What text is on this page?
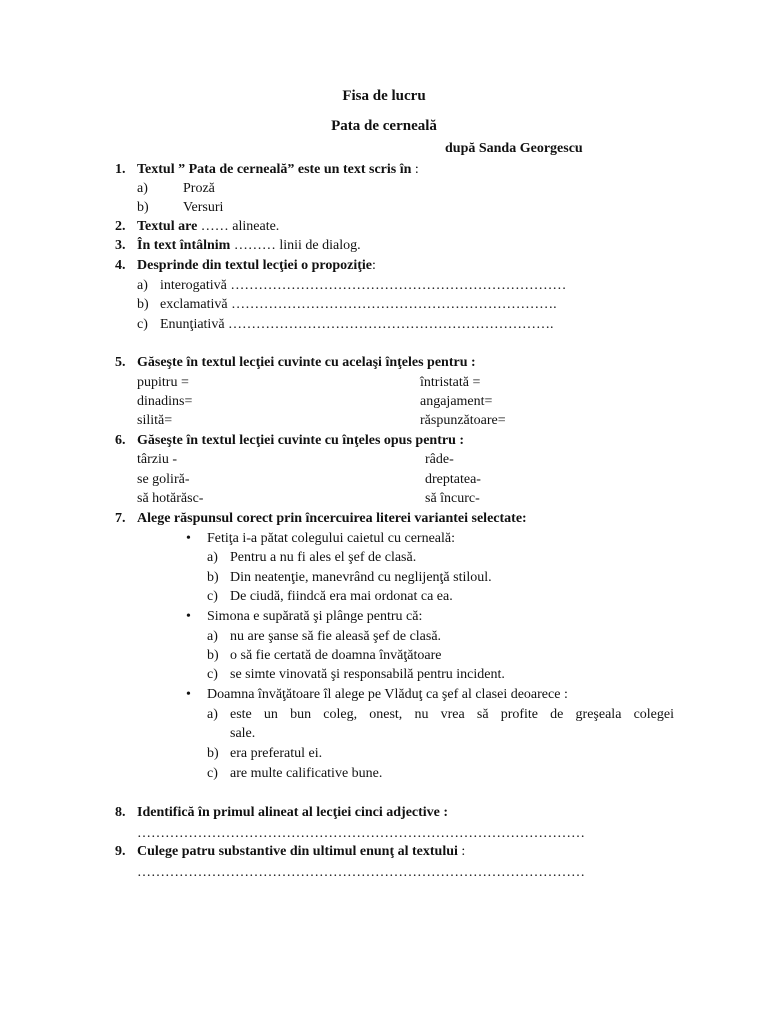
Fisa de lucru
Pata de cerneală
după Sanda Georgescu
1. Textul ” Pata de cerneală” este un text scris în :
a)	Proză
b) Versuri
2. Textul are …… alineate.
3. În text întâlnim ……… linii de dialog.
4. Desprinde din textul lecţiei o propoziţie:
a) interogativă ………………………………………………………………
b) exclamativă …………………………………………………………….
c) Enunţiativă …………………………………………………………….
5. Găseşte în textul lecţiei cuvinte cu acelaşi înţeles pentru :
pupitru =	întristată =
dinadins=	angajament=
silită=	răspunzătoare=
6. Găseşte în textul lecţiei cuvinte cu înţeles opus pentru :
târziu -	râde-
se goliră-	dreptatea-
să hotărăsc-	să încurc-
7. Alege răspunsul corect prin încercuirea literei variantei selectate:
• Fetiţa i-a pătat colegului caietul cu cerneală:
a) Pentru a nu fi ales el şef de clasă.
b) Din neatenţie, manevrând cu neglijenţă stiloul.
c) De ciudă, fiindcă era mai ordonat ca ea.
• Simona e supărată şi plânge pentru că:
a) nu are şanse să fie aleasă şef de clasă.
b) o să fie certată de doamna învăţătoare
c) se simte vinovată şi responsabilă pentru incident.
• Doamna învăţătoare îl alege pe Vlăduţ ca şef al clasei deoarece :
a) este un bun coleg, onest, nu vrea să profite de greşeala colegei
sale.
b) era preferatul ei.
c) are multe calificative bune.
8. Identifică în primul alineat al lecţiei cinci adjective :
……………………………………………………………………………………
9. Culege patru substantive din ultimul enunţ al textului :
……………………………………………………………………………………
